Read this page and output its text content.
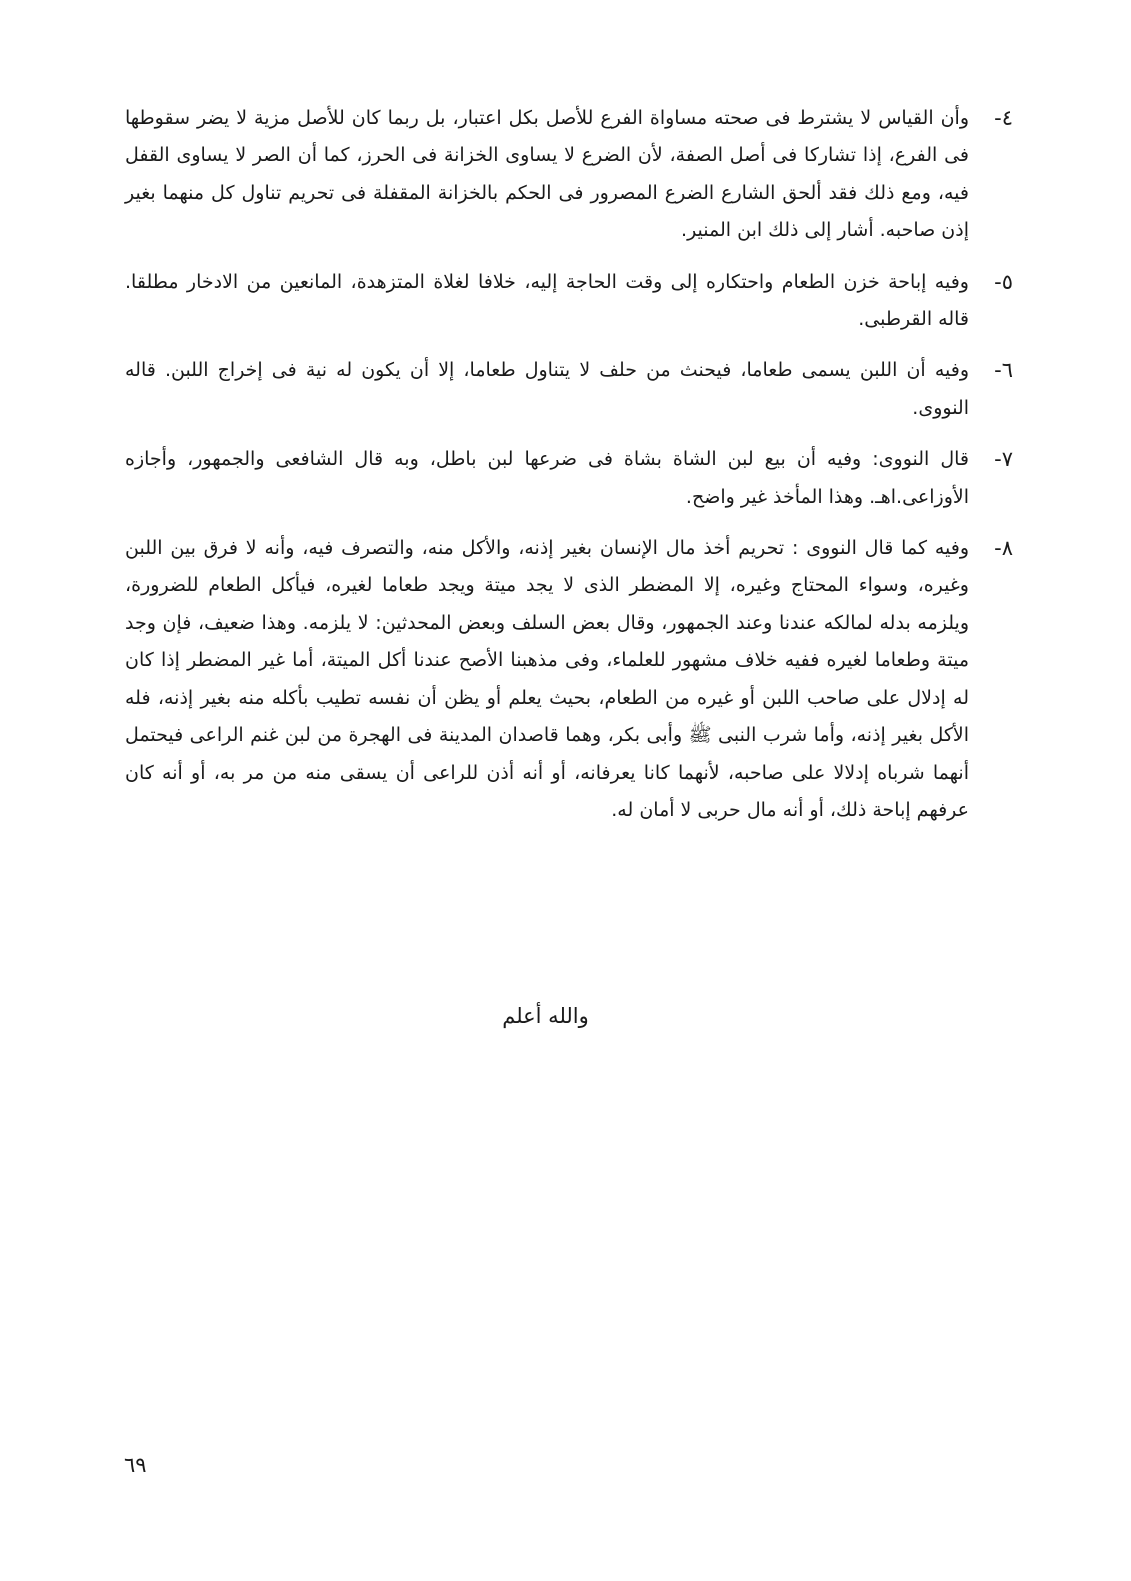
٤-
وأن القياس لا يشترط فى صحته مساواة الفرع للأصل بكل اعتبار، بل ربما كان للأصل مزية لا يضر سقوطها فى الفرع، إذا تشاركا فى أصل الصفة، لأن الضرع لا يساوى الخزانة فى الحرز، كما أن الصر لا يساوى القفل فيه، ومع ذلك فقد ألحق الشارع الضرع المصرور فى الحكم بالخزانة المقفلة فى تحريم تناول كل منهما بغير إذن صاحبه. أشار إلى ذلك ابن المنير.
٥-
وفيه إباحة خزن الطعام واحتكاره إلى وقت الحاجة إليه، خلافا لغلاة المتزهدة، المانعين من الادخار مطلقا. قاله القرطبى.
٦-
وفيه أن اللبن يسمى طعاما، فيحنث من حلف لا يتناول طعاما، إلا أن يكون له نية فى إخراج اللبن. قاله النووى.
٧-
قال النووى: وفيه أن بيع لبن الشاة بشاة فى ضرعها لبن باطل، وبه قال الشافعى والجمهور، وأجازه الأوزاعى.اهـ. وهذا المأخذ غير واضح.
٨-
وفيه كما قال النووى : تحريم أخذ مال الإنسان بغير إذنه، والأكل منه، والتصرف فيه، وأنه لا فرق بين اللبن وغيره، وسواء المحتاج وغيره، إلا المضطر الذى لا يجد ميتة ويجد طعاما لغيره، فيأكل الطعام للضرورة، ويلزمه بدله لمالكه عندنا وعند الجمهور، وقال بعض السلف وبعض المحدثين: لا يلزمه. وهذا ضعيف، فإن وجد ميتة وطعاما لغيره ففيه خلاف مشهور للعلماء، وفى مذهبنا الأصح عندنا أكل الميتة، أما غير المضطر إذا كان له إدلال على صاحب اللبن أو غيره من الطعام، بحيث يعلم أو يظن أن نفسه تطيب بأكله منه بغير إذنه، فله الأكل بغير إذنه، وأما شرب النبى ﷺ وأبى بكر، وهما قاصدان المدينة فى الهجرة من لبن غنم الراعى فيحتمل أنهما شرباه إدلالا على صاحبه، لأنهما كانا يعرفانه، أو أنه أذن للراعى أن يسقى منه من مر به، أو أنه كان عرفهم إباحة ذلك، أو أنه مال حربى لا أمان له.
والله أعلم
٦٩
